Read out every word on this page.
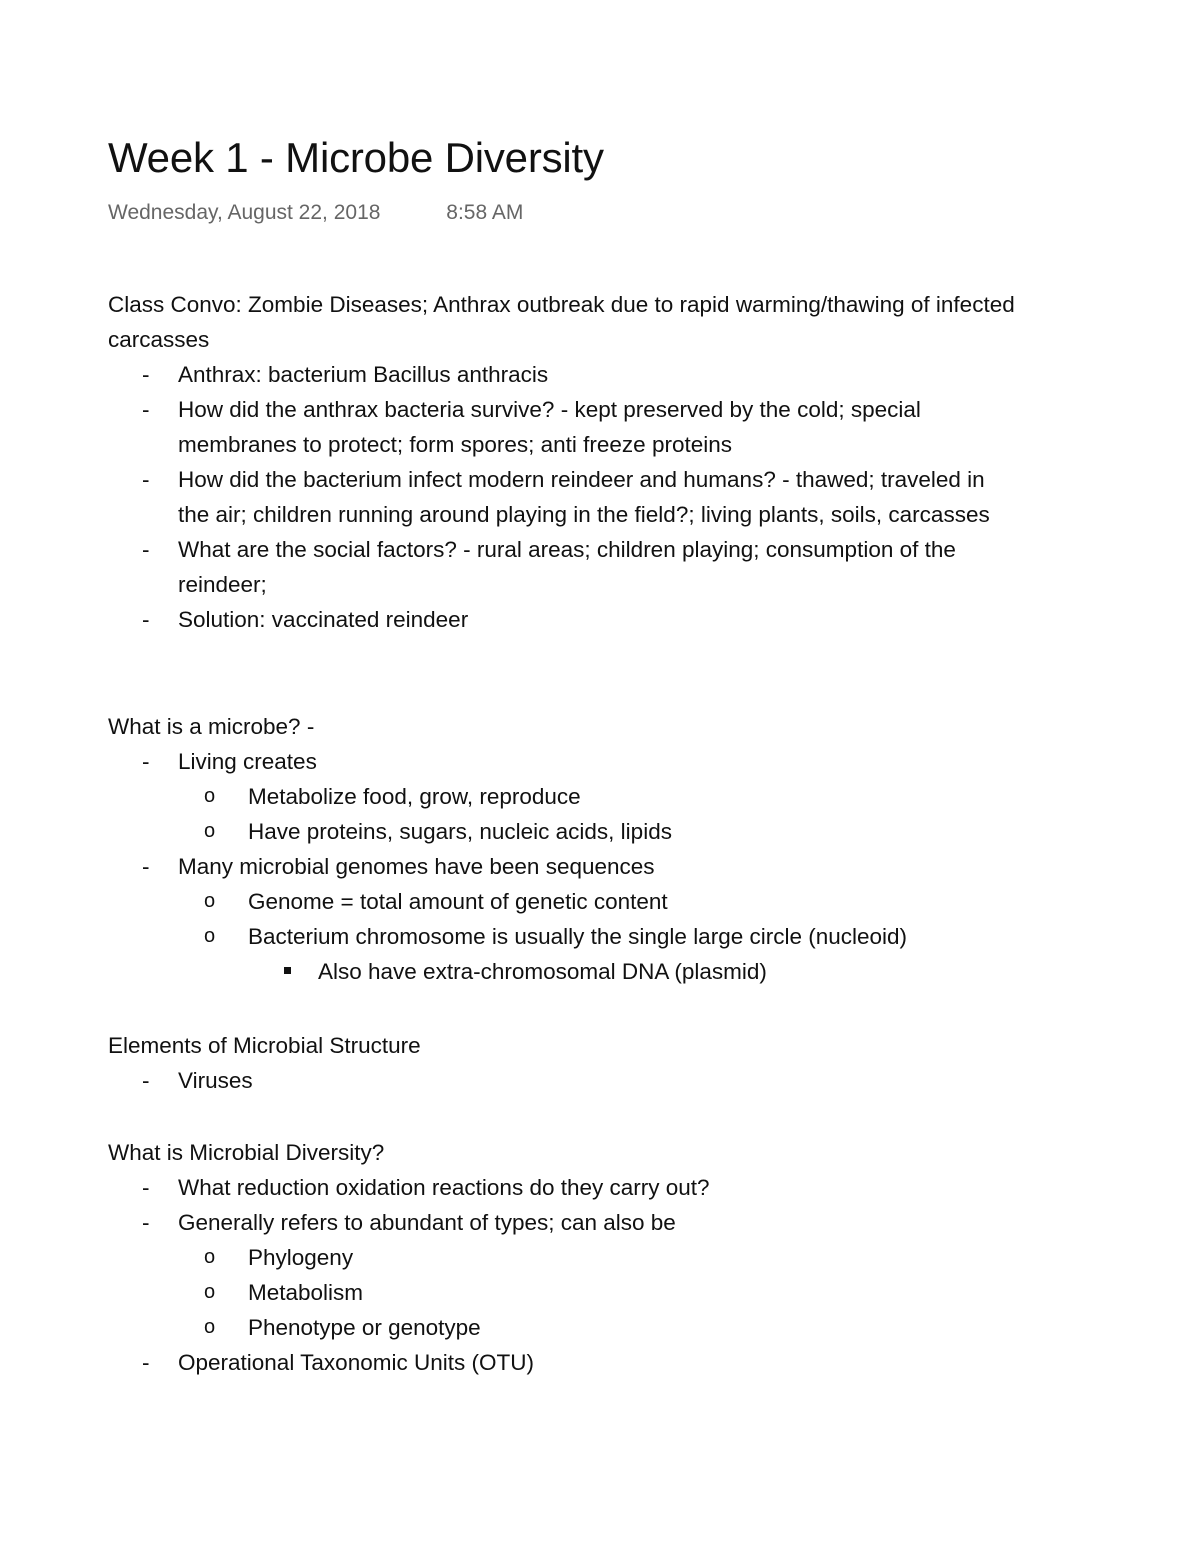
Week 1 - Microbe Diversity
Wednesday, August 22, 2018	8:58 AM
Class Convo: Zombie Diseases; Anthrax outbreak due to rapid warming/thawing of infected
carcasses
- Anthrax: bacterium Bacillus anthracis
- How did the anthrax bacteria survive? - kept preserved by the cold; special
membranes to protect; form spores; anti freeze proteins
- How did the bacterium infect modern reindeer and humans? - thawed; traveled in
the air; children running around playing in the field?; living plants, soils, carcasses
- What are the social factors? - rural areas; children playing; consumption of the
reindeer;
- Solution: vaccinated reindeer
What is a microbe? -
- Living creates
o Metabolize food, grow, reproduce
o Have proteins, sugars, nucleic acids, lipids
- Many microbial genomes have been sequences
o Genome = total amount of genetic content
o Bacterium chromosome is usually the single large circle (nucleoid)
Also have extra-chromosomal DNA (plasmid)
Elements of Microbial Structure
- Viruses
What is Microbial Diversity?
- What reduction oxidation reactions do they carry out?
- Generally refers to abundant of types; can also be
o Phylogeny
o Metabolism
o Phenotype or genotype
- Operational Taxonomic Units (OTU)
